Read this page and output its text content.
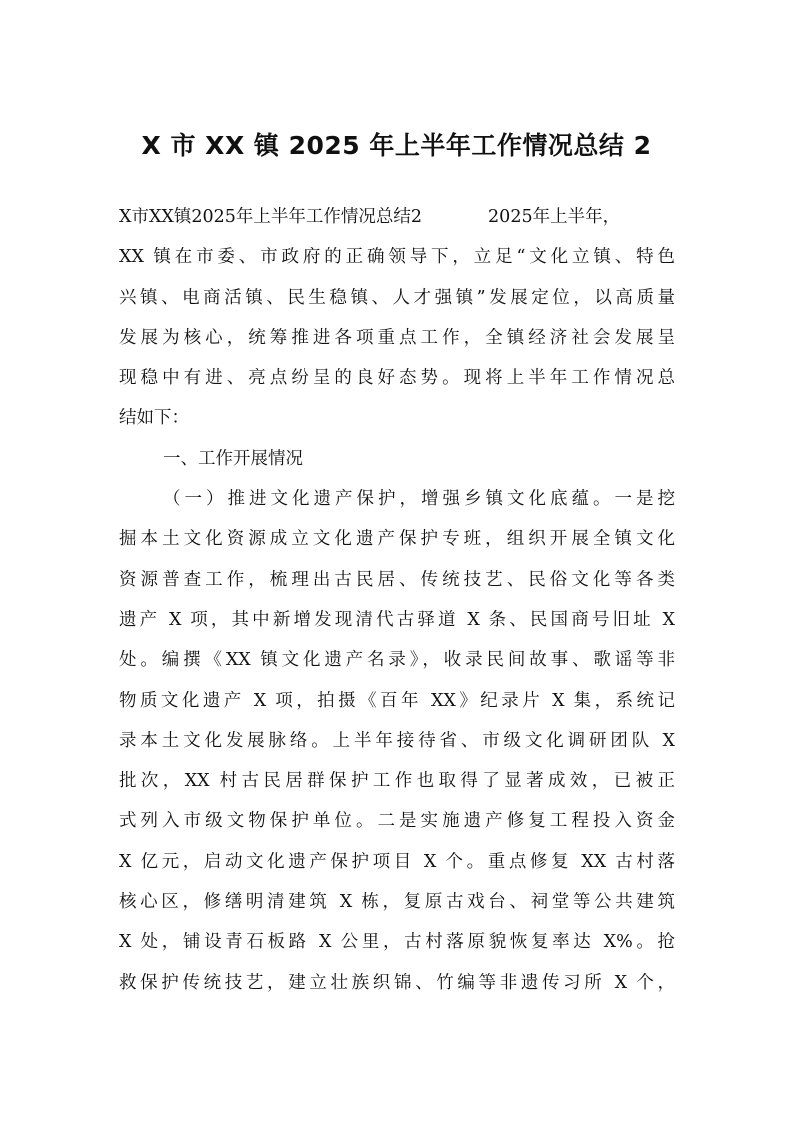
X 市 XX 镇 2025 年上半年工作情况总结 2
X市XX镇2025年上半年工作情况总结2	2025年上半年，
XX 镇在市委、市政府的正确领导下，立足“文化立镇、特色
兴镇、电商活镇、民生稳镇、人才强镇”发展定位，以高质量
发展为核心，统筹推进各项重点工作，全镇经济社会发展呈
现稳中有进、亮点纷呈的良好态势。现将上半年工作情况总
结如下：
一、工作开展情况
（一）推进文化遗产保护，增强乡镇文化底蕴。一是挖
掘本土文化资源成立文化遗产保护专班，组织开展全镇文化
资源普查工作，梳理出古民居、传统技艺、民俗文化等各类
遗产 X 项，其中新增发现清代古驿道 X 条、民国商号旧址 X
处。编撰《XX 镇文化遗产名录》，收录民间故事、歌谣等非
物质文化遗产 X 项，拍摄《百年 XX》纪录片 X 集，系统记
录本土文化发展脉络。上半年接待省、市级文化调研团队 X
批次，XX 村古民居群保护工作也取得了显著成效，已被正
式列入市级文物保护单位。二是实施遗产修复工程投入资金
X 亿元，启动文化遗产保护项目 X 个。重点修复 XX 古村落
核心区，修缮明清建筑 X 栋，复原古戏台、祠堂等公共建筑
X 处，铺设青石板路 X 公里，古村落原貌恢复率达 X%。抢
救保护传统技艺，建立壮族织锦、竹编等非遗传习所 X 个，
